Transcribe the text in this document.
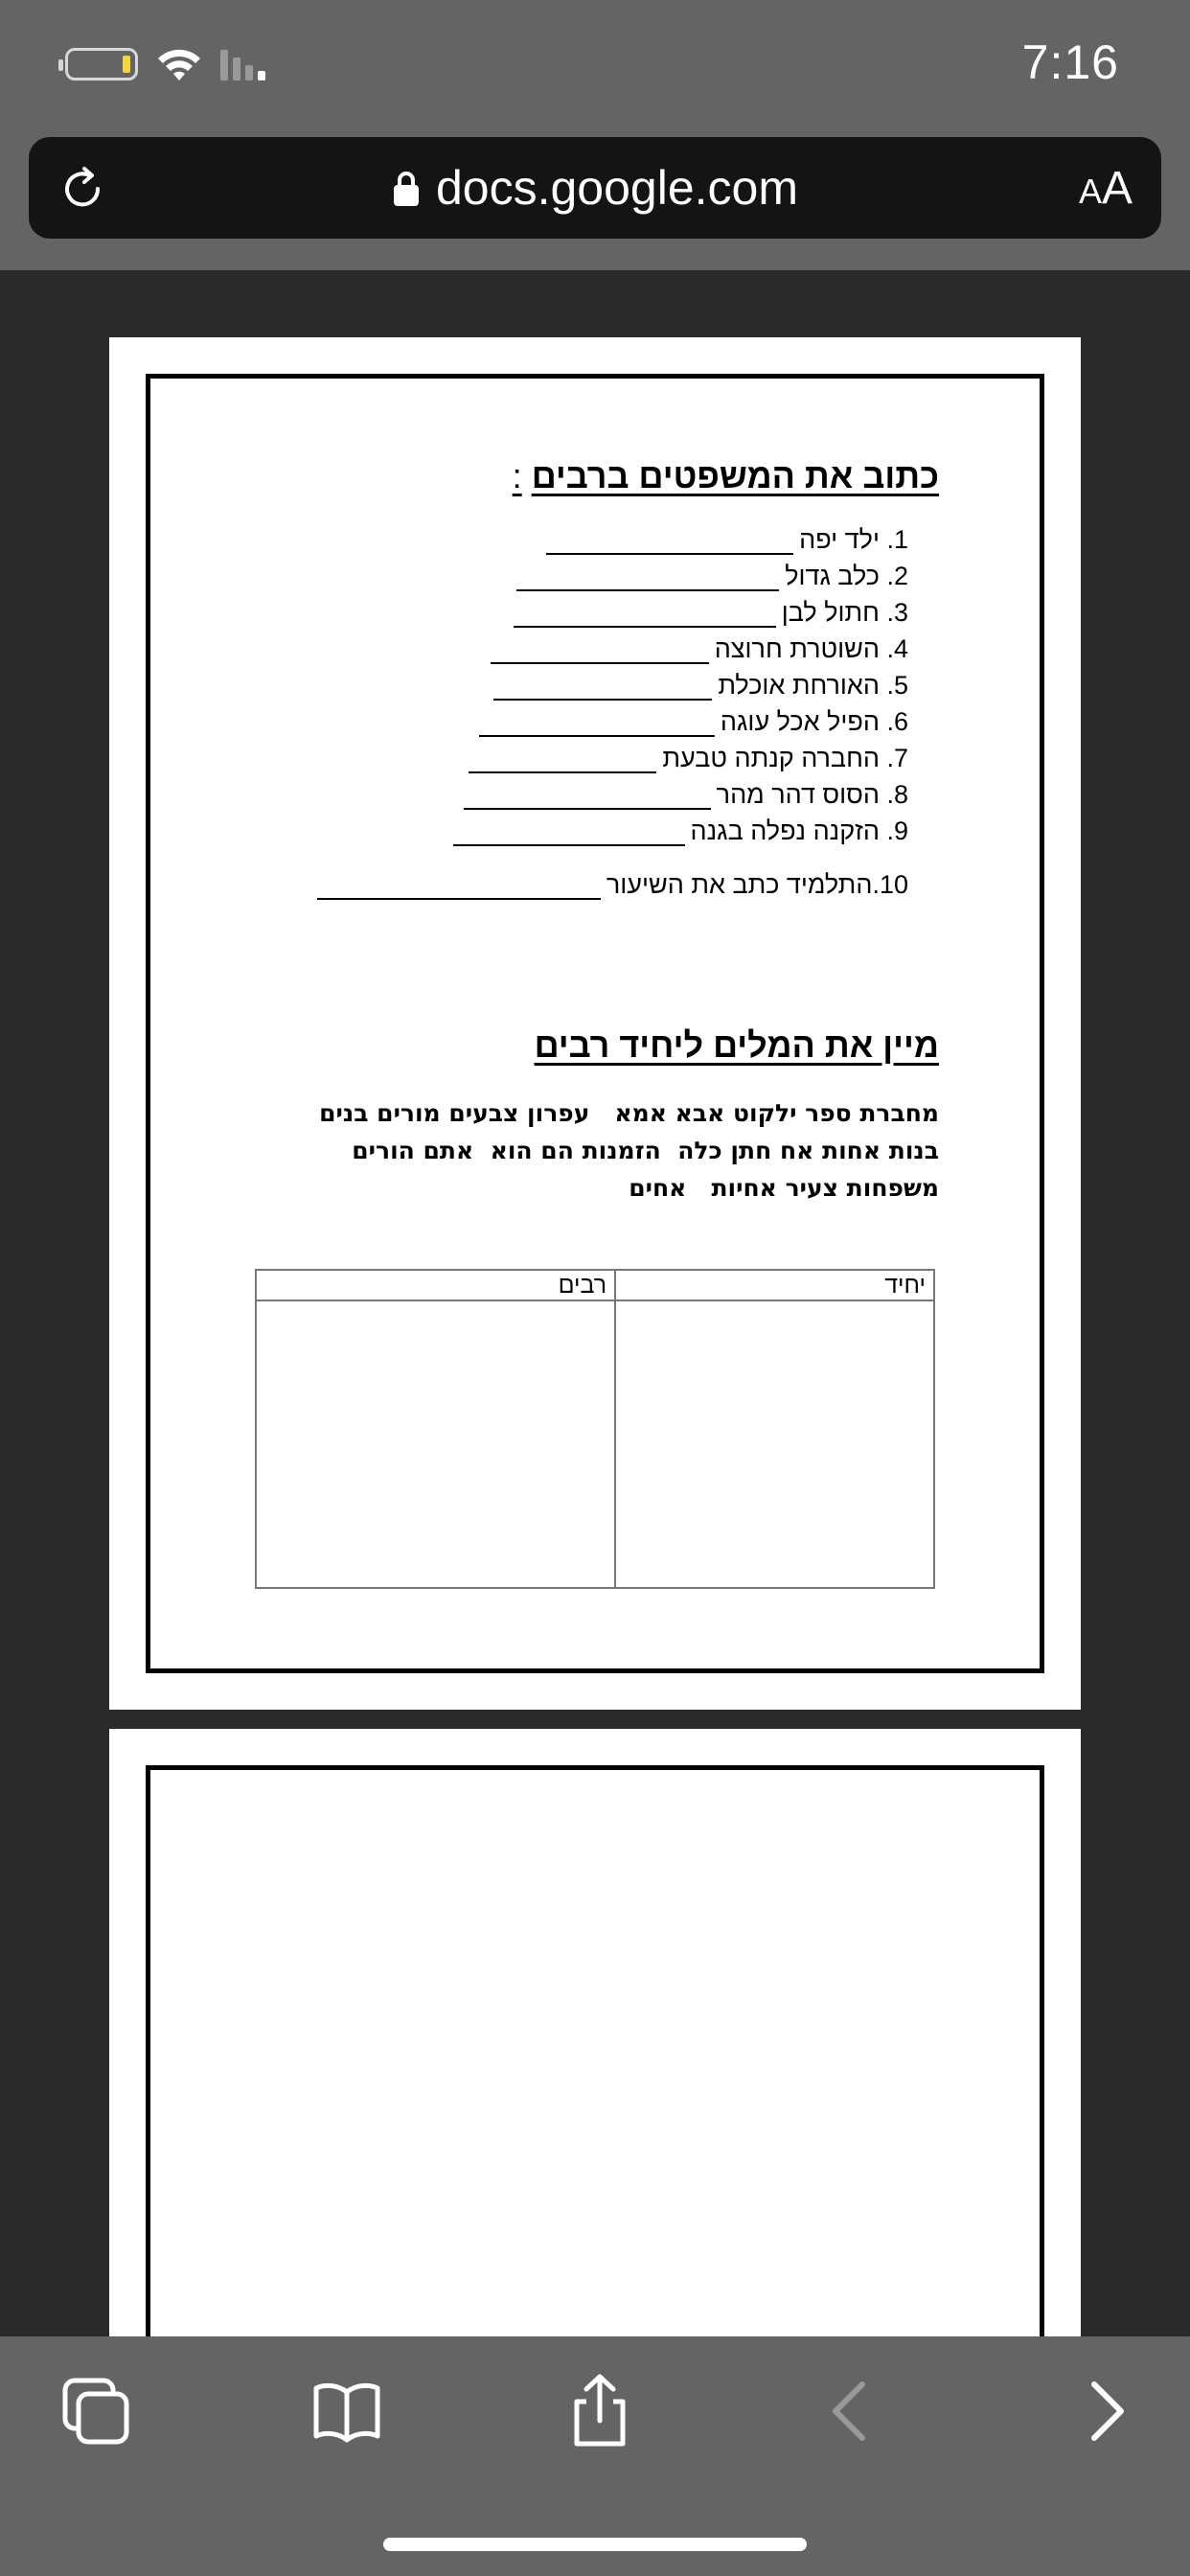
7:16
docs.google.com	AA
כתוב את המשפטים ברבים:
1. ילד יפה
2. כלב גדול
3. חתול לבן
4. השוטרת חרוצה
5. האורחת אוכלת
6. הפיל אכל עוגה
7. החברה קנתה טבעת
8. הסוס דהר מהר
9. הזקנה נפלה בגנה
10.התלמיד כתב את השיעור
מיין את המלים ליחיד רבים
מחברת ספר ילקוט אבא אמא   עפרון צבעים מורים בנים
בנות אחות אח חתן כלה  הזמנות הם הוא  אתם הורים
משפחות צעיר אחיות   אחים
יחיד	רבים
